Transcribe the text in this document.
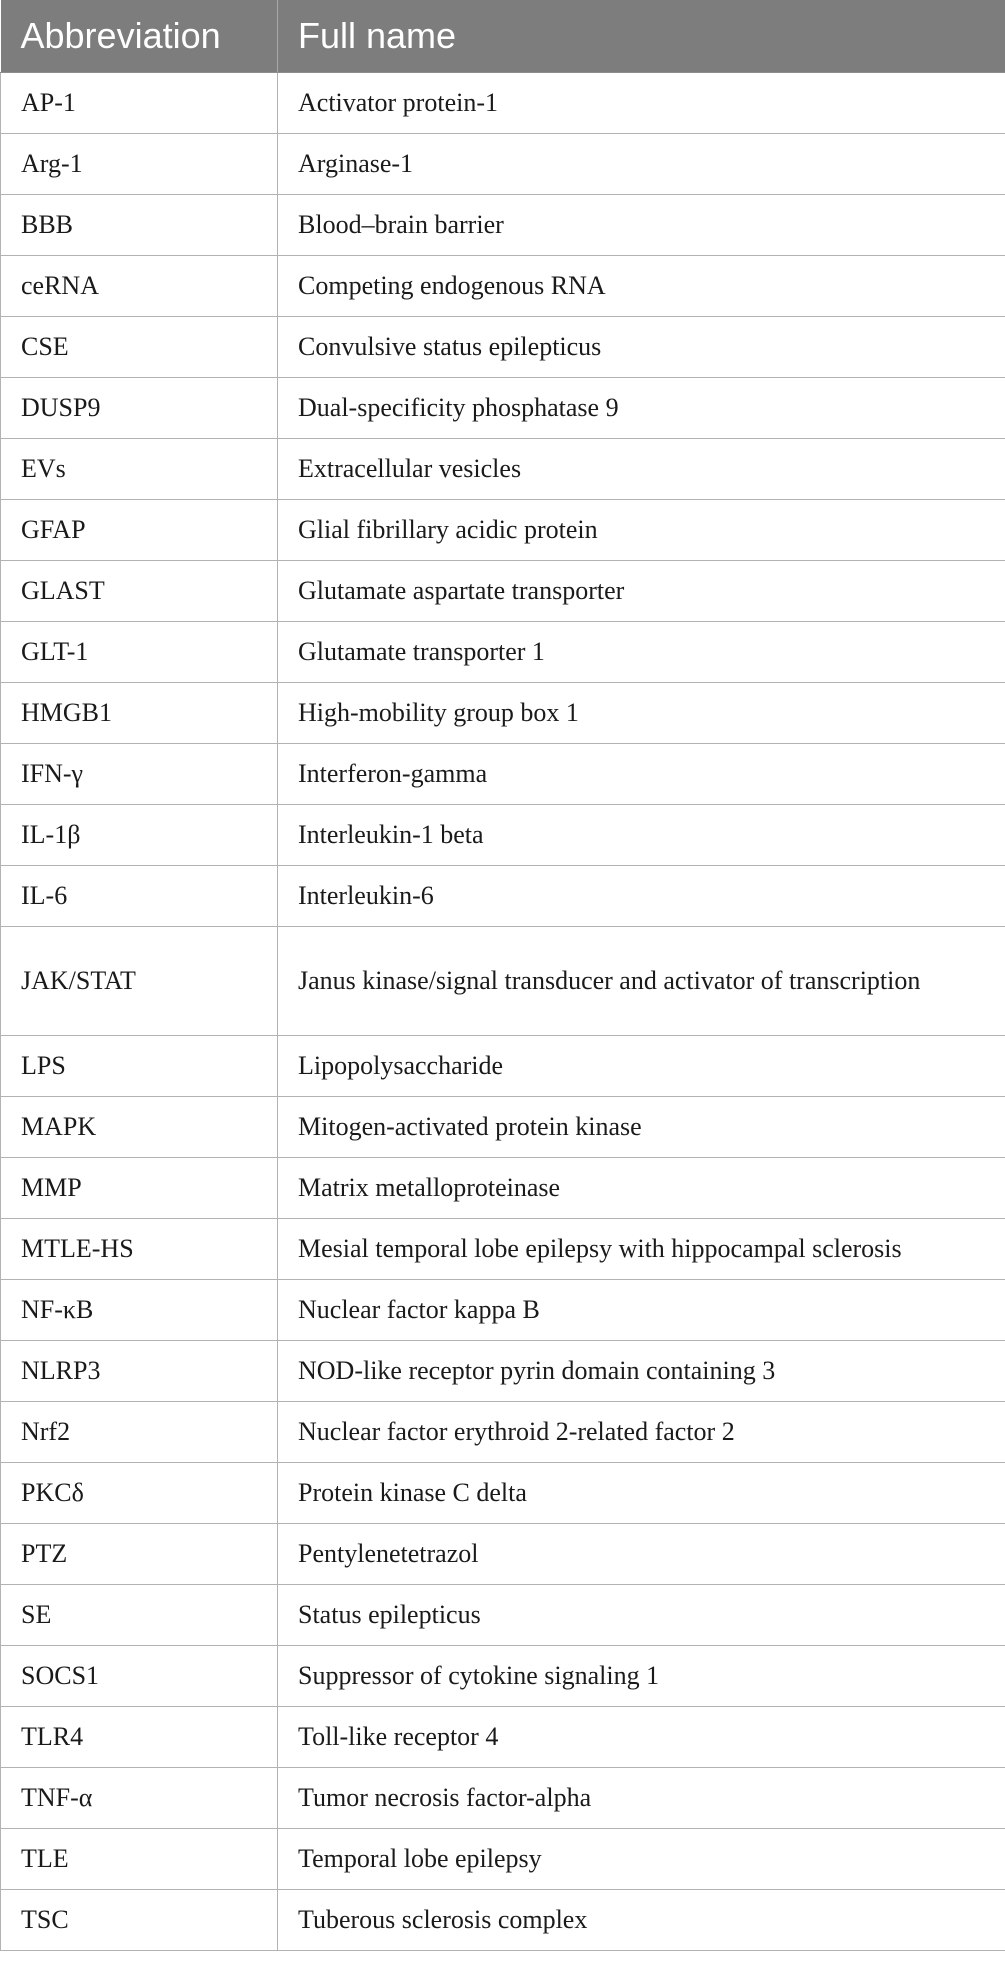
Abbreviation	Full name
AP-1	Activator protein-1
Arg-1	Arginase-1
BBB	Blood–brain barrier
ceRNA	Competing endogenous RNA
CSE	Convulsive status epilepticus
DUSP9	Dual-specificity phosphatase 9
EVs	Extracellular vesicles
GFAP	Glial fibrillary acidic protein
GLAST	Glutamate aspartate transporter
GLT-1	Glutamate transporter 1
HMGB1	High-mobility group box 1
IFN-γ	Interferon-gamma
IL-1β	Interleukin-1 beta
IL-6	Interleukin-6
JAK/STAT	Janus kinase/signal transducer and activator of transcription
LPS	Lipopolysaccharide
MAPK	Mitogen-activated protein kinase
MMP	Matrix metalloproteinase
MTLE-HS	Mesial temporal lobe epilepsy with hippocampal sclerosis
NF-κB	Nuclear factor kappa B
NLRP3	NOD-like receptor pyrin domain containing 3
Nrf2	Nuclear factor erythroid 2-related factor 2
PKCδ	Protein kinase C delta
PTZ	Pentylenetetrazol
SE	Status epilepticus
SOCS1	Suppressor of cytokine signaling 1
TLR4	Toll-like receptor 4
TNF-α	Tumor necrosis factor-alpha
TLE	Temporal lobe epilepsy
TSC	Tuberous sclerosis complex
